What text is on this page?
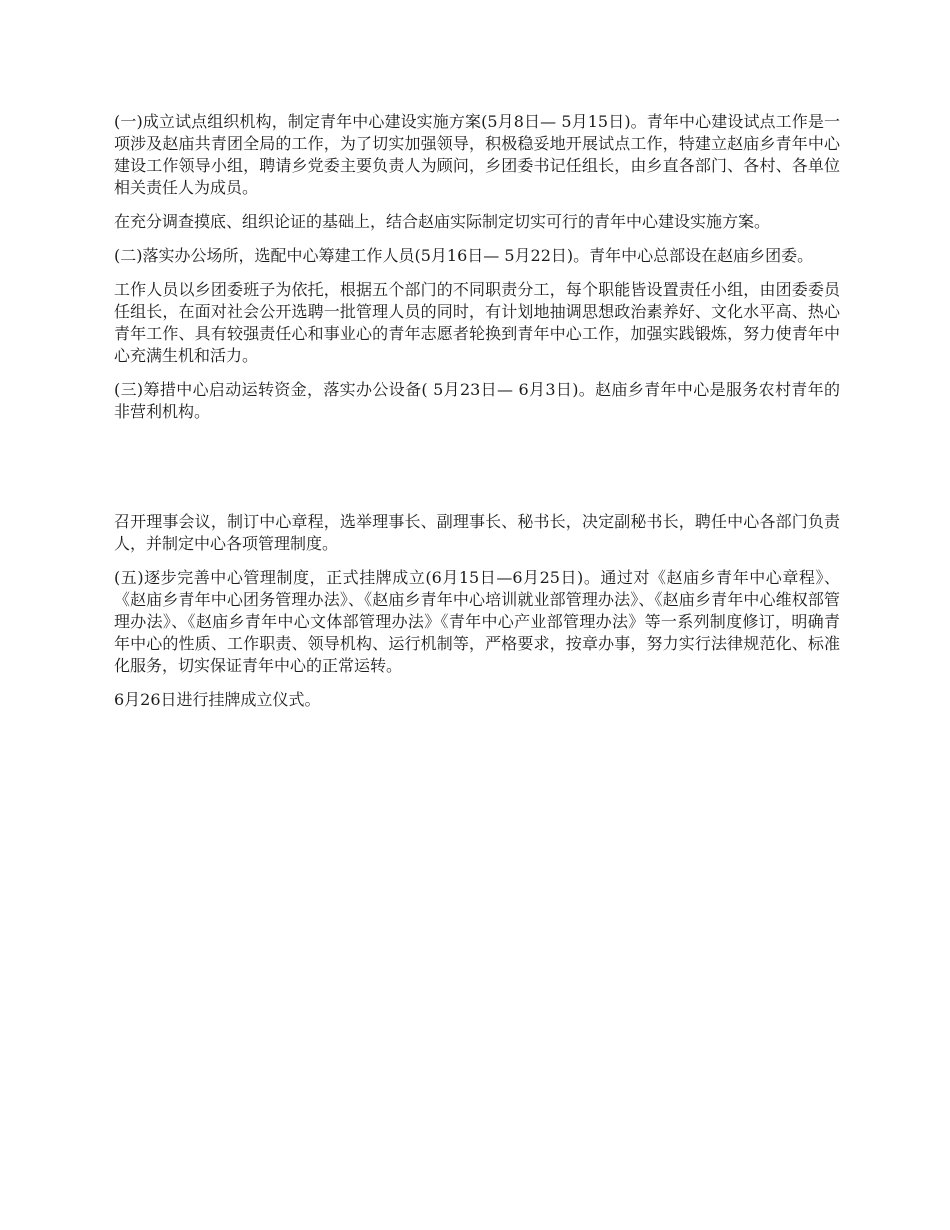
(一)成立试点组织机构，制定青年中心建设实施方案(5月8日— 5月15日)。青年中心建设试点工作是一项涉及赵庙共青团全局的工作，为了切实加强领导，积极稳妥地开展试点工作，特建立赵庙乡青年中心建设工作领导小组，聘请乡党委主要负责人为顾问，乡团委书记任组长，由乡直各部门、各村、各单位相关责任人为成员。

在充分调查摸底、组织论证的基础上，结合赵庙实际制定切实可行的青年中心建设实施方案。

(二)落实办公场所，选配中心筹建工作人员(5月16日— 5月22日)。青年中心总部设在赵庙乡团委。

工作人员以乡团委班子为依托，根据五个部门的不同职责分工，每个职能皆设置责任小组，由团委委员任组长，在面对社会公开选聘一批管理人员的同时，有计划地抽调思想政治素养好、文化水平高、热心青年工作、具有较强责任心和事业心的青年志愿者轮换到青年中心工作，加强实践锻炼，努力使青年中心充满生机和活力。

(三)筹措中心启动运转资金，落实办公设备( 5月23日— 6月3日)。赵庙乡青年中心是服务农村青年的非营利机构。

召开理事会议，制订中心章程，选举理事长、副理事长、秘书长，决定副秘书长，聘任中心各部门负责人，并制定中心各项管理制度。

(五)逐步完善中心管理制度，正式挂牌成立(6月15日—6月25日)。通过对《赵庙乡青年中心章程》、《赵庙乡青年中心团务管理办法》、《赵庙乡青年中心培训就业部管理办法》、《赵庙乡青年中心维权部管理办法》、《赵庙乡青年中心文体部管理办法》《青年中心产业部管理办法》等一系列制度修订，明确青年中心的性质、工作职责、领导机构、运行机制等，严格要求，按章办事，努力实行法律规范化、标准化服务，切实保证青年中心的正常运转。

6月26日进行挂牌成立仪式。
